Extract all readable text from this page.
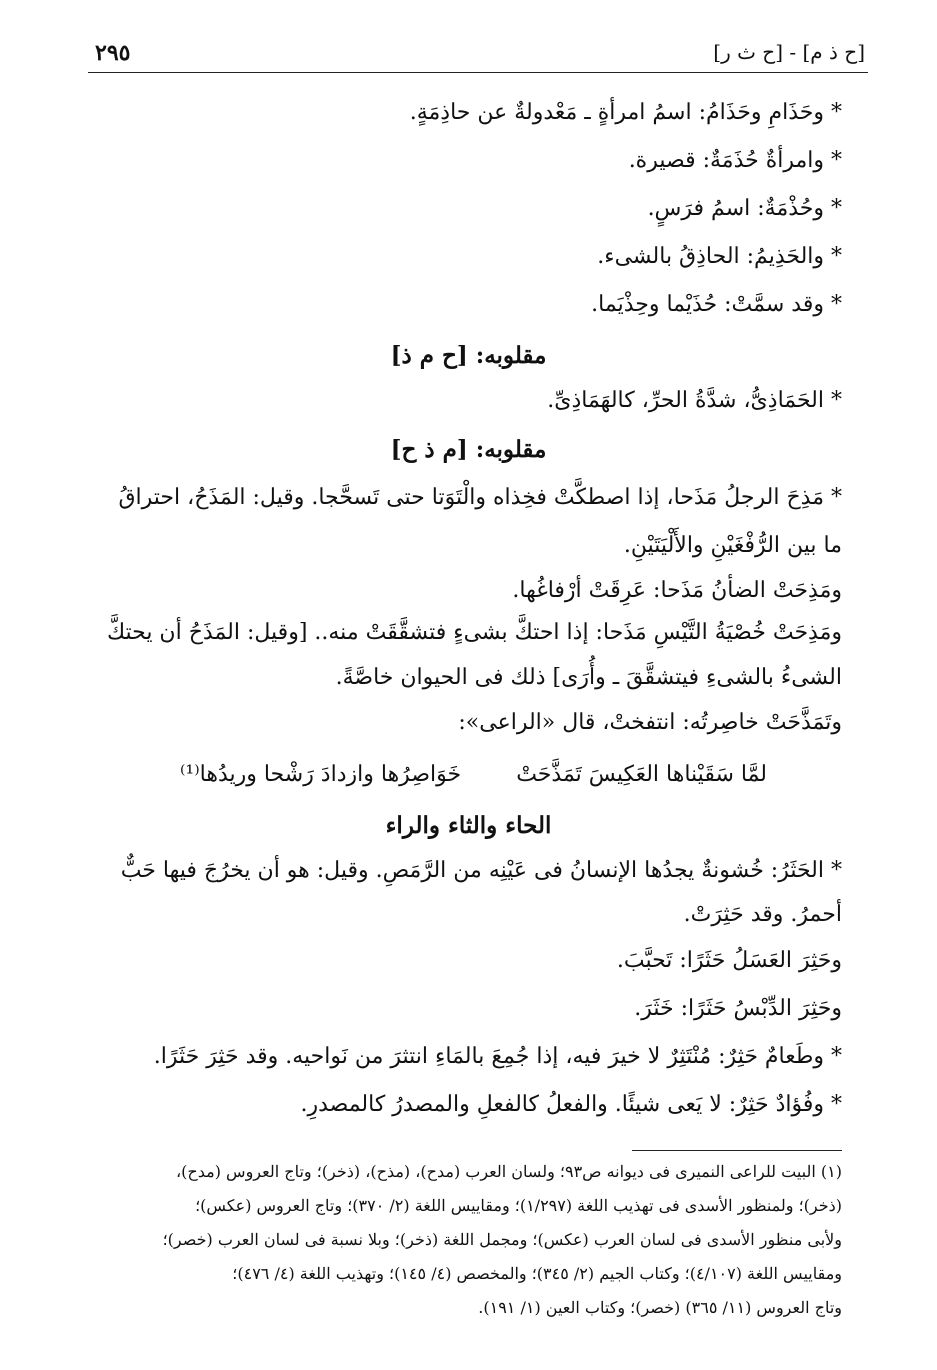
[ح ذ م] - [ح ث ر]
٢٩٥
* وحَذَامِ وحَذَامُ: اسمُ امرأةٍ ـ مَعْدولةٌ عن حاذِمَةٍ.
* وامرأةٌ حُذَمَةٌ: قصيرة.
* وحُذْمَةٌ: اسمُ فرَسٍ.
* والحَذِيمُ: الحاذِقُ بالشىء.
* وقد سمَّتْ: حُذَيْما وحِذْيَما.
مقلوبه: [ح م ذ]
* الحَمَاذِىُّ، شدَّةُ الحرِّ، كالهَمَاذِىِّ.
مقلوبه: [م ذ ح]
* مَذِحَ الرجلُ مَذَحا، إذا اصطكَّتْ فخِذاه والْتَوَتا حتى تَسحَّجا. وقيل: المَذَحُ، احتراقُ
ما بين الرُّفْغَيْنِ والأَلْيَتَيْنِ.
ومَذِحَتْ الضأنُ مَذَحا: عَرِقَتْ أرْفاغُها.
ومَذِحَتْ خُصْيَةُ التَّيْسِ مَذَحا: إذا احتكَّ بشىءٍ فتشقَّقَتْ منه.. [وقيل: المَذَحُ أن يحتكَّ
الشىءُ بالشىءِ فيتشقَّقَ ـ وأُرَى] ذلك فى الحيوان خاصَّةً.
وتَمَذَّحَتْ خاصِرتُه: انتفختْ، قال «الراعى»:
لمَّا سَقَيْناها العَكِيسَ تَمَذَّحَتْ
خَوَاصِرُها وازدادَ رَشْحا وريدُها⁽¹⁾
الحاء والثاء والراء
* الحَثَرُ: خُشونةٌ يجدُها الإنسانُ فى عَيْنِه من الرَّمَصِ. وقيل: هو أن يخرُجَ فيها حَبٌّ
أحمرُ. وقد حَثِرَتْ.
وحَثِرَ العَسَلُ حَثَرًا: تَحبَّبَ.
وحَثِرَ الدِّبْسُ حَثَرًا: خَثَرَ.
* وطَعامٌ حَثِرٌ: مُنْتَثِرٌ لا خيرَ فيه، إذا جُمِعَ بالمَاءِ انتثرَ من نَواحيه. وقد حَثِرَ حَثَرًا.
* وفُؤادٌ حَثِرٌ: لا يَعى شيئًا. والفعلُ كالفعلِ والمصدرُ كالمصدرِ.
(١) البيت للراعى النميرى فى ديوانه ص٩٣؛ ولسان العرب (مدح)، (مذح)، (ذخر)؛ وتاج العروس (مدح)،
(ذخر)؛ ولمنظور الأسدى فى تهذيب اللغة (١/٢٩٧)؛ ومقاييس اللغة (٢/ ٣٧٠)؛ وتاج العروس (عكس)؛
ولأبى منظور الأسدى فى لسان العرب (عكس)؛ ومجمل اللغة (ذخر)؛ وبلا نسبة فى لسان العرب (خصر)؛
ومقاييس اللغة (٤/١٠٧)؛ وكتاب الجيم (٢/ ٣٤٥)؛ والمخصص (٤/ ١٤٥)؛ وتهذيب اللغة (٤/ ٤٧٦)؛
وتاج العروس (١١/ ٣٦٥) (خصر)؛ وكتاب العين (١/ ١٩١).
